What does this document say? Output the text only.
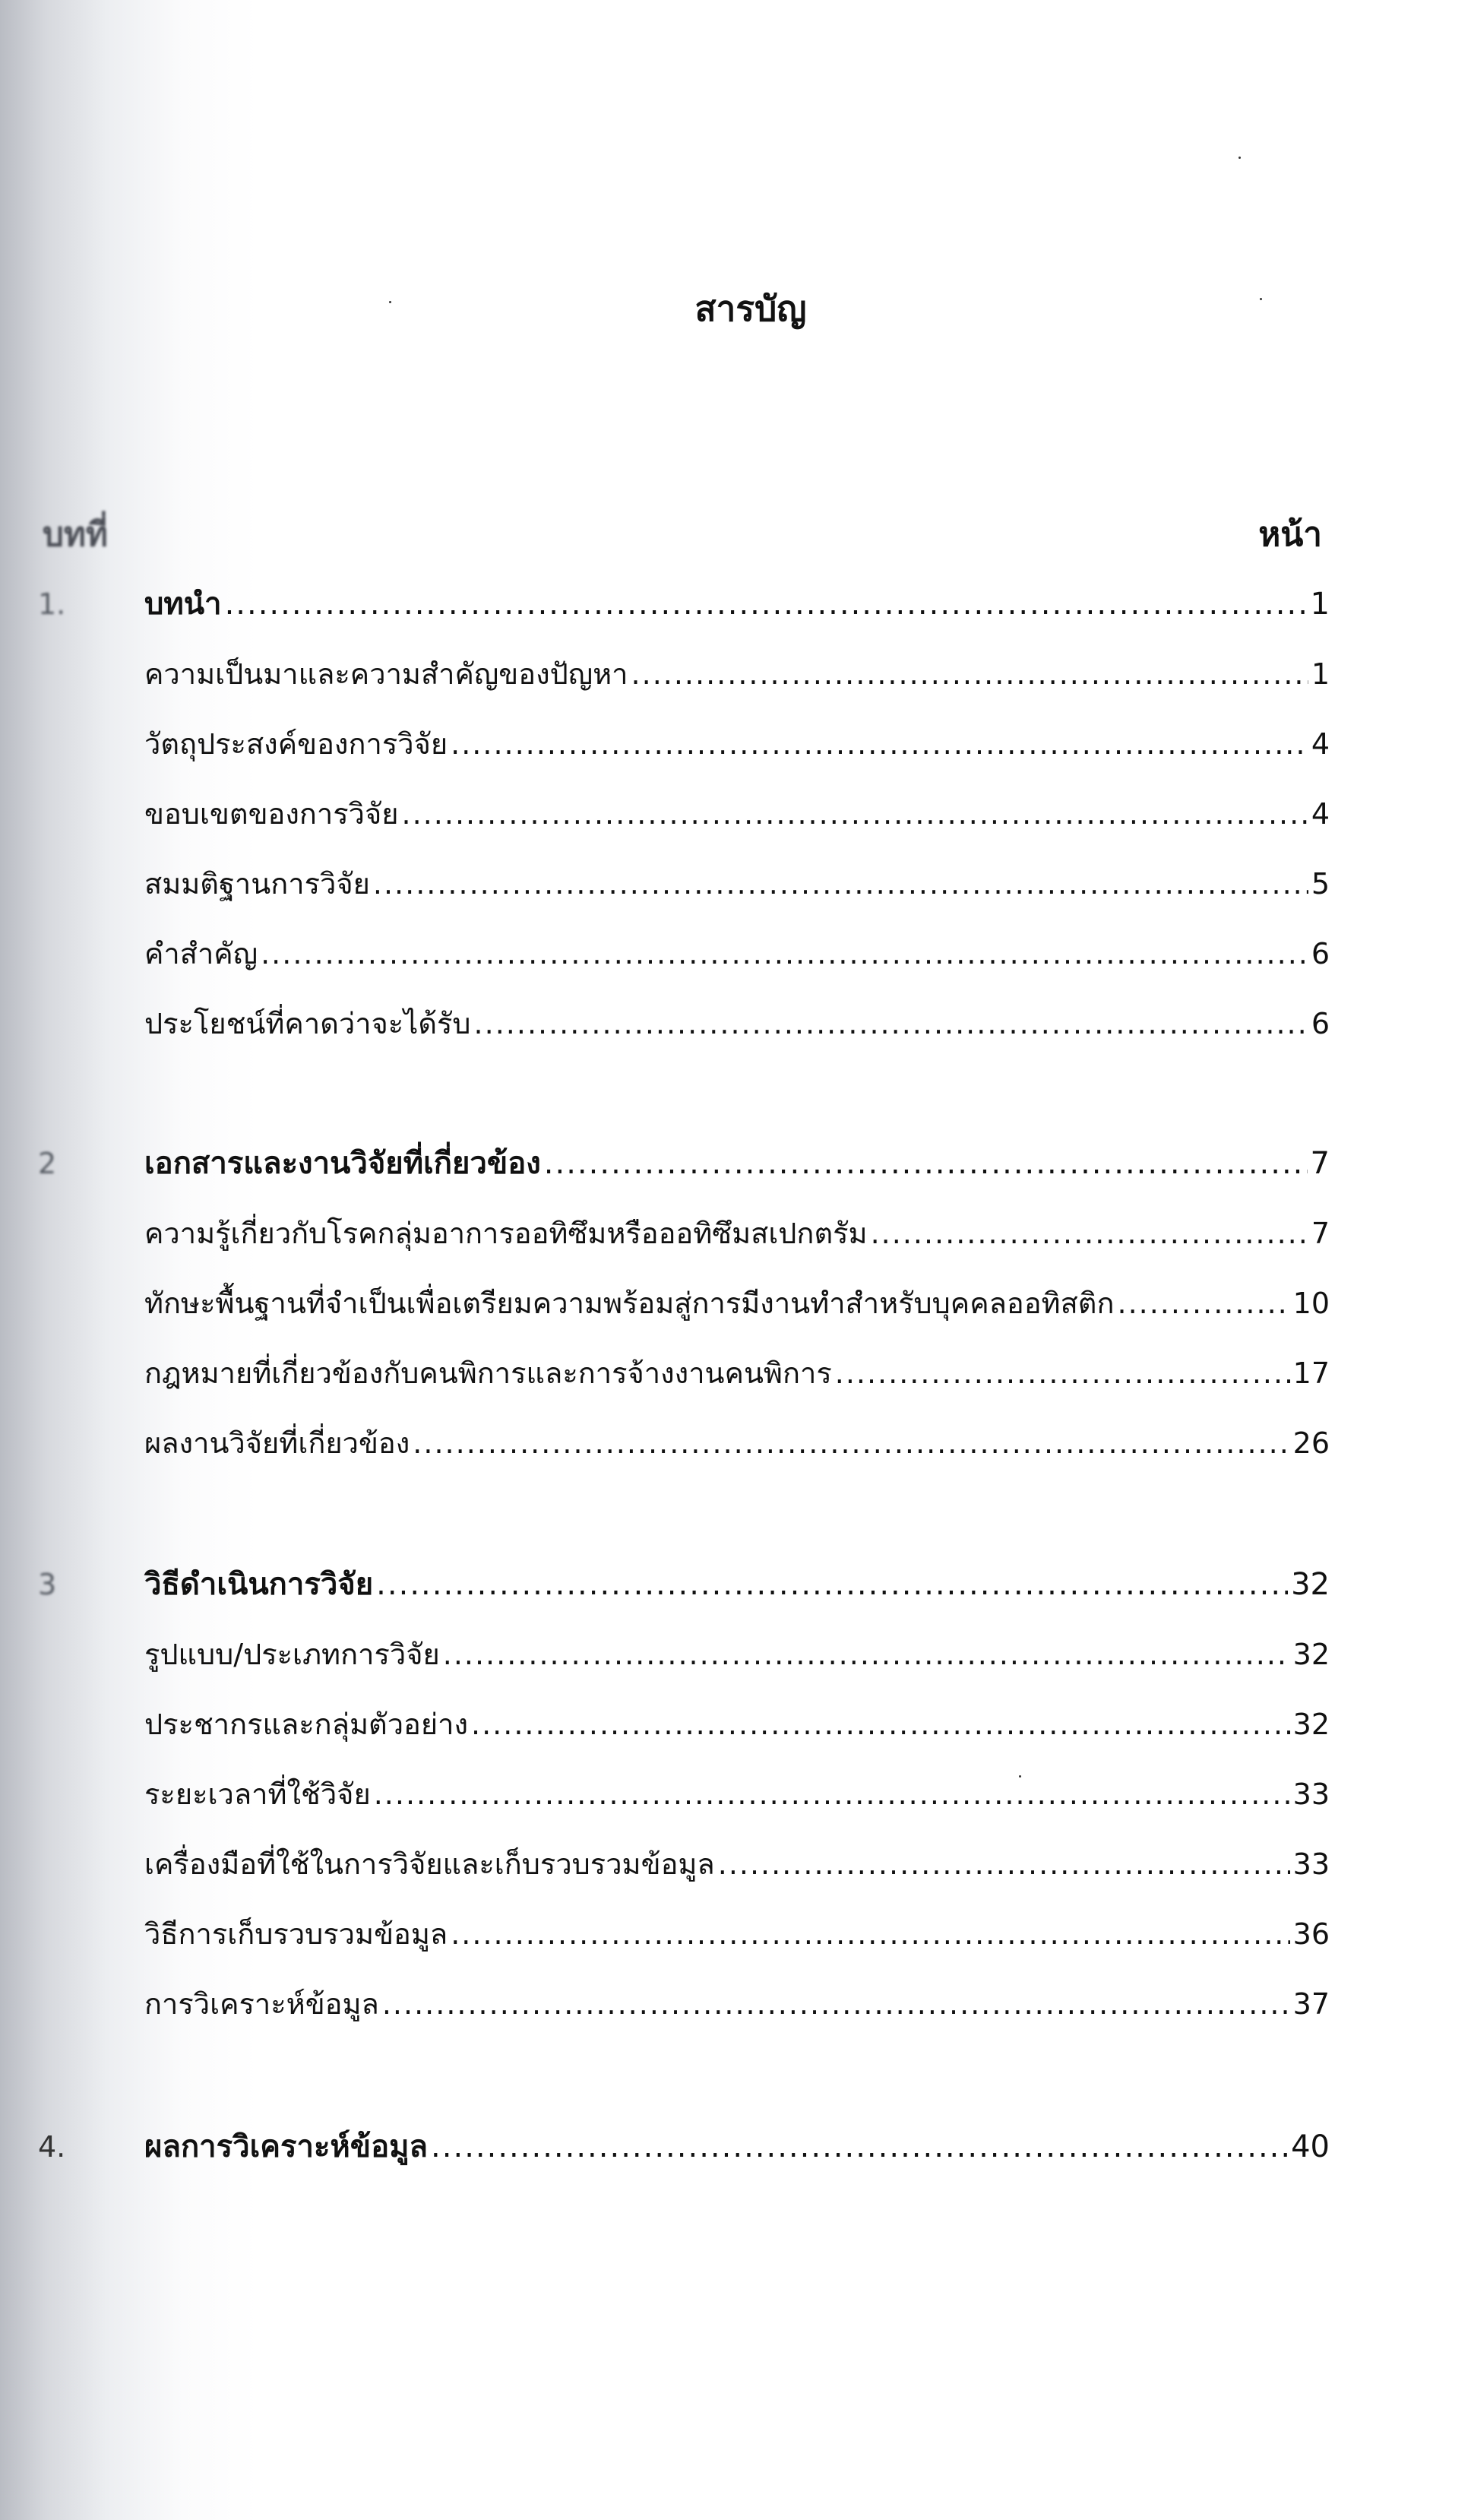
สารบัญ
บทที่	หน้า
1.	บทนำ .....	1
ความเป็นมาและความสำคัญของปัญหา .....	1
วัตถุประสงค์ของการวิจัย .....	4
ขอบเขตของการวิจัย .....	4
สมมติฐานการวิจัย .....	5
คำสำคัญ .....	6
ประโยชน์ที่คาดว่าจะได้รับ .....	6
2	เอกสารและงานวิจัยที่เกี่ยวข้อง .....	7
ความรู้เกี่ยวกับโรคกลุ่มอาการออทิซึมหรือออทิซึมสเปกตรัม .....	7
ทักษะพื้นฐานที่จำเป็นเพื่อเตรียมความพร้อมสู่การมีงานทำสำหรับบุคคลออทิสติก .....	10
กฎหมายที่เกี่ยวข้องกับคนพิการและการจ้างงานคนพิการ .....	17
ผลงานวิจัยที่เกี่ยวข้อง .....	26
3	วิธีดำเนินการวิจัย .....	32
รูปแบบ/ประเภทการวิจัย .....	32
ประชากรและกลุ่มตัวอย่าง .....	32
ระยะเวลาที่ใช้วิจัย .....	33
เครื่องมือที่ใช้ในการวิจัยและเก็บรวบรวมข้อมูล .....	33
วิธีการเก็บรวบรวมข้อมูล .....	36
การวิเคราะห์ข้อมูล .....	37
4.	ผลการวิเคราะห์ข้อมูล .....	40
